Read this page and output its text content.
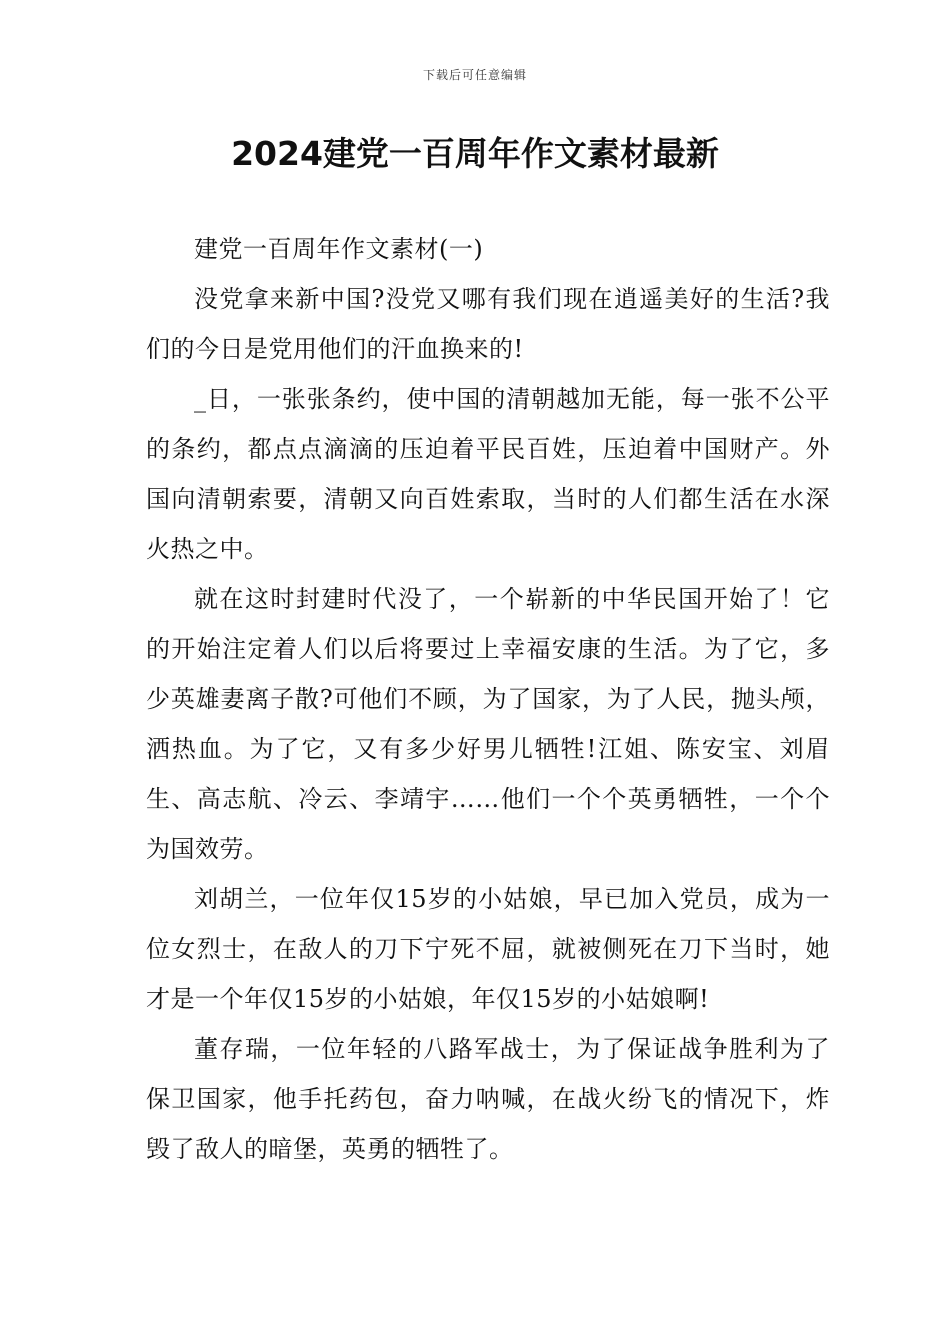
下载后可任意编辑
2024建党一百周年作文素材最新

建党一百周年作文素材(一)

没党拿来新中国?没党又哪有我们现在逍遥美好的生活?我们的今日是党用他们的汗血换来的!

_日，一张张条约，使中国的清朝越加无能，每一张不公平的条约，都点点滴滴的压迫着平民百姓，压迫着中国财产。外国向清朝索要，清朝又向百姓索取，当时的人们都生活在水深火热之中。

就在这时封建时代没了，一个崭新的中华民国开始了！它的开始注定着人们以后将要过上幸福安康的生活。为了它，多少英雄妻离子散?可他们不顾，为了国家，为了人民，抛头颅，洒热血。为了它，又有多少好男儿牺牲!江姐、陈安宝、刘眉生、高志航、冷云、李靖宇……他们一个个英勇牺牲，一个个为国效劳。

刘胡兰，一位年仅15岁的小姑娘，早已加入党员，成为一位女烈士，在敌人的刀下宁死不屈，就被侧死在刀下当时，她才是一个年仅15岁的小姑娘，年仅15岁的小姑娘啊!

董存瑞，一位年轻的八路军战士，为了保证战争胜利为了保卫国家，他手托药包，奋力呐喊，在战火纷飞的情况下，炸毁了敌人的暗堡，英勇的牺牲了。
